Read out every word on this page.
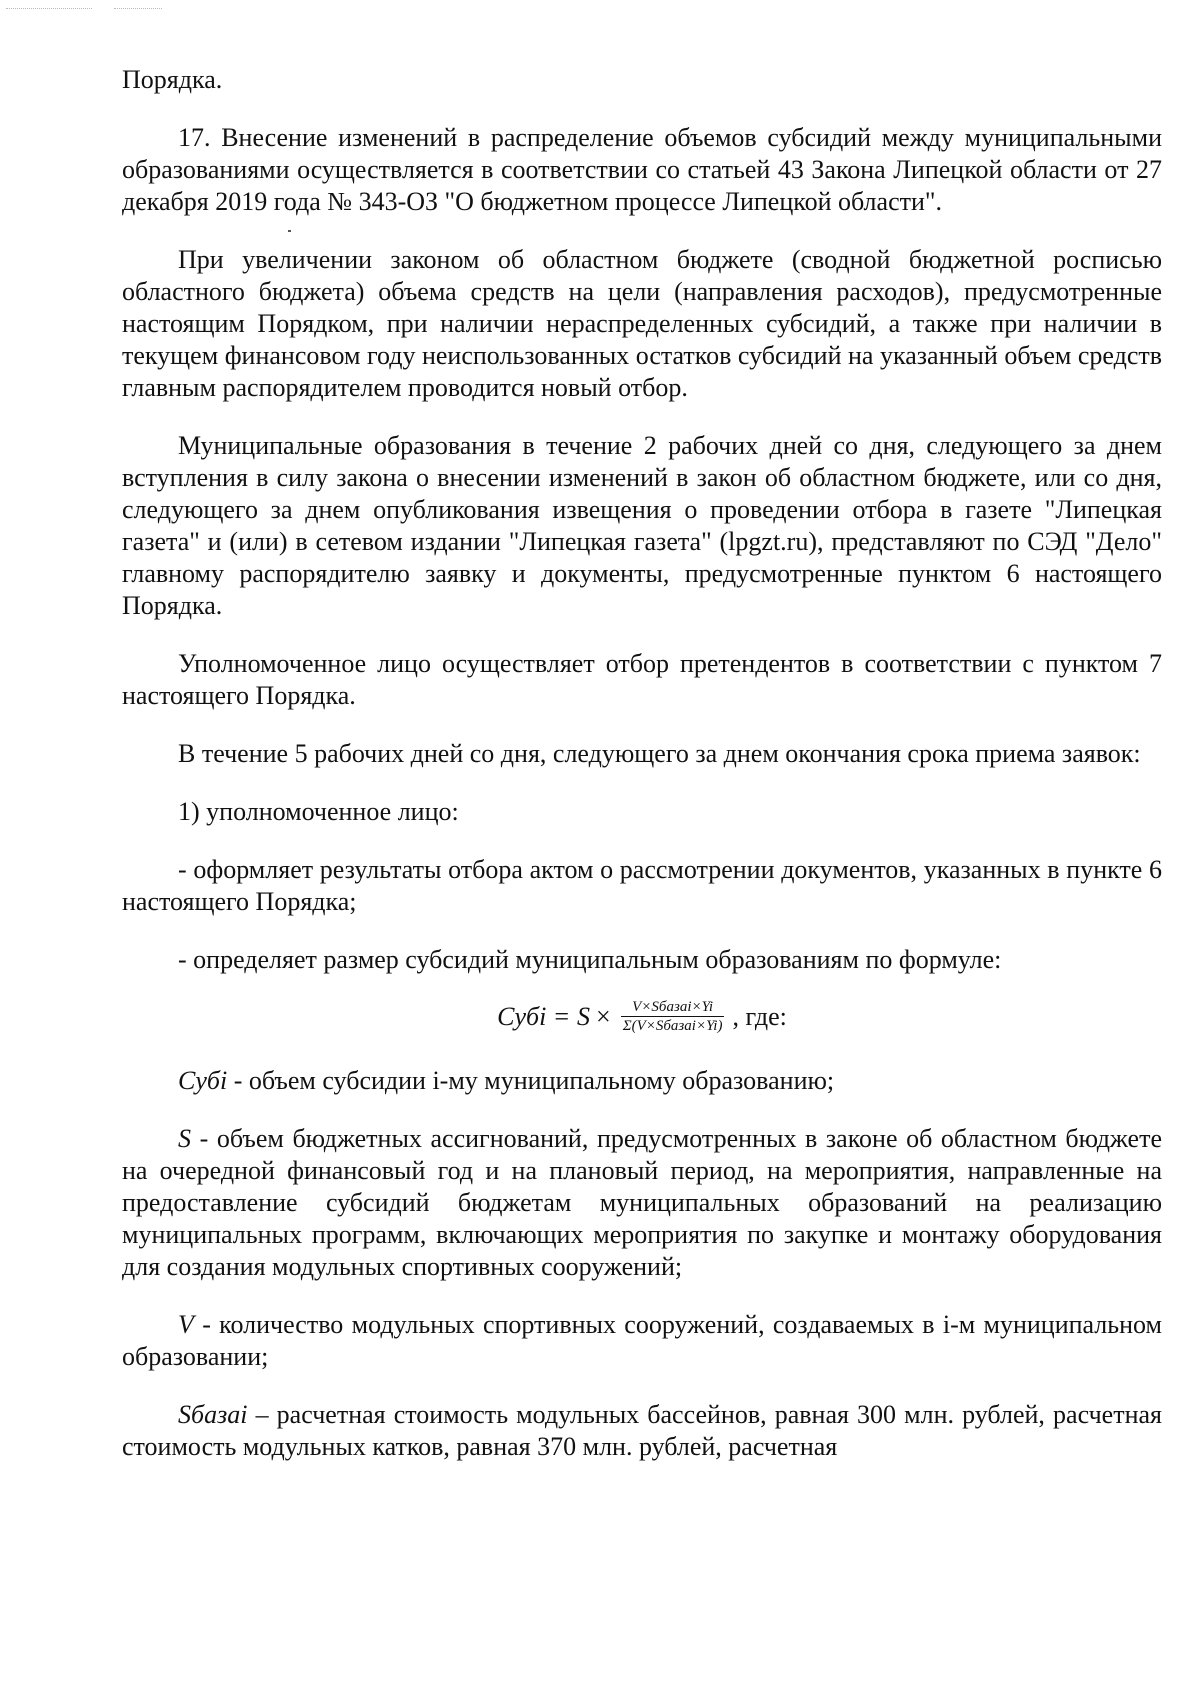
Порядка.

17. Внесение изменений в распределение объемов субсидий между муниципальными образованиями осуществляется в соответствии со статьей 43 Закона Липецкой области от 27 декабря 2019 года № 343-ОЗ "О бюджетном процессе Липецкой области".

При увеличении законом об областном бюджете (сводной бюджетной росписью областного бюджета) объема средств на цели (направления расходов), предусмотренные настоящим Порядком, при наличии нераспределенных субсидий, а также при наличии в текущем финансовом году неиспользованных остатков субсидий на указанный объем средств главным распорядителем проводится новый отбор.

Муниципальные образования в течение 2 рабочих дней со дня, следующего за днем вступления в силу закона о внесении изменений в закон об областном бюджете, или со дня, следующего за днем опубликования извещения о проведении отбора в газете "Липецкая газета" и (или) в сетевом издании "Липецкая газета" (lpgzt.ru), представляют по СЭД "Дело" главному распорядителю заявку и документы, предусмотренные пунктом 6 настоящего Порядка.

Уполномоченное лицо осуществляет отбор претендентов в соответствии с пунктом 7 настоящего Порядка.

В течение 5 рабочих дней со дня, следующего за днем окончания срока приема заявок:

1) уполномоченное лицо:

- оформляет результаты отбора актом о рассмотрении документов, указанных в пункте 6 настоящего Порядка;

- определяет размер субсидий муниципальным образованиям по формуле:

Субi = $S \times \frac{\text{V×Sбазаi×Yi}}{\text{Σ(V×Sбазаi×Yi)}}$ , где:

Субi - объем субсидии i-му муниципальному образованию;

S - объем бюджетных ассигнований, предусмотренных в законе об областном бюджете на очередной финансовый год и на плановый период, на мероприятия, направленные на предоставление субсидий бюджетам муниципальных образований на реализацию муниципальных программ, включающих мероприятия по закупке и монтажу оборудования для создания модульных спортивных сооружений;

V - количество модульных спортивных сооружений, создаваемых в i-м муниципальном образовании;

Sбазаi – расчетная стоимость модульных бассейнов, равная 300 млн. рублей, расчетная стоимость модульных катков, равная 370 млн. рублей, расчетная
